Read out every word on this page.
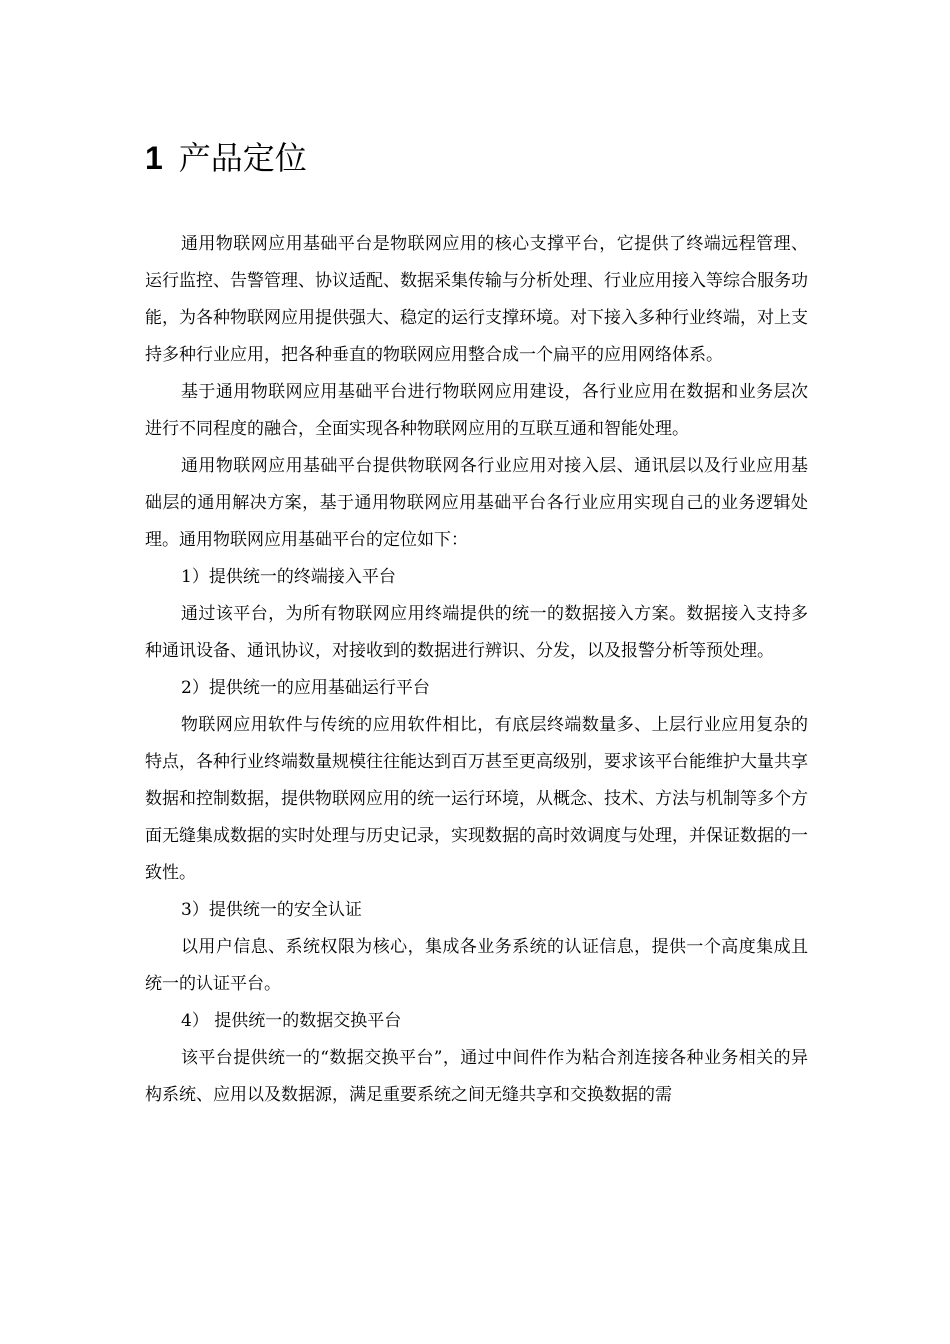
1 产品定位

通用物联网应用基础平台是物联网应用的核心支撑平台，它提供了终端远程管理、运行监控、告警管理、协议适配、数据采集传输与分析处理、行业应用接入等综合服务功能，为各种物联网应用提供强大、稳定的运行支撑环境。对下接入多种行业终端，对上支持多种行业应用，把各种垂直的物联网应用整合成一个扁平的应用网络体系。

基于通用物联网应用基础平台进行物联网应用建设，各行业应用在数据和业务层次进行不同程度的融合，全面实现各种物联网应用的互联互通和智能处理。

通用物联网应用基础平台提供物联网各行业应用对接入层、通讯层以及行业应用基础层的通用解决方案，基于通用物联网应用基础平台各行业应用实现自己的业务逻辑处理。通用物联网应用基础平台的定位如下：

1）提供统一的终端接入平台

通过该平台，为所有物联网应用终端提供的统一的数据接入方案。数据接入支持多种通讯设备、通讯协议，对接收到的数据进行辨识、分发，以及报警分析等预处理。

2）提供统一的应用基础运行平台

物联网应用软件与传统的应用软件相比，有底层终端数量多、上层行业应用复杂的特点，各种行业终端数量规模往往能达到百万甚至更高级别，要求该平台能维护大量共享数据和控制数据，提供物联网应用的统一运行环境，从概念、技术、方法与机制等多个方面无缝集成数据的实时处理与历史记录，实现数据的高时效调度与处理，并保证数据的一致性。

3）提供统一的安全认证

以用户信息、系统权限为核心，集成各业务系统的认证信息，提供一个高度集成且统一的认证平台。

4） 提供统一的数据交换平台

该平台提供统一的“数据交换平台”，通过中间件作为粘合剂连接各种业务相关的异构系统、应用以及数据源，满足重要系统之间无缝共享和交换数据的需
